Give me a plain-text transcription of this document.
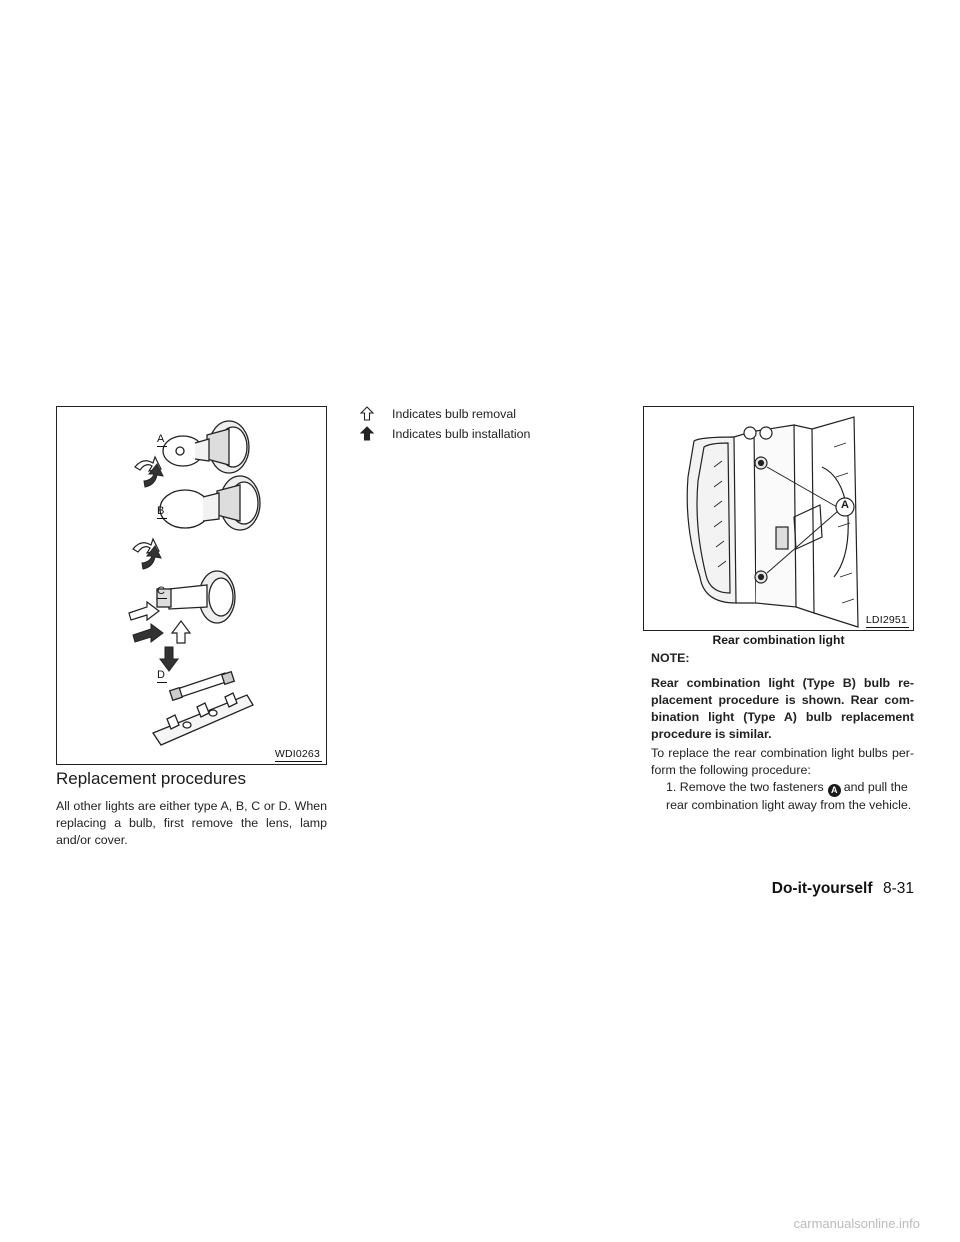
A
B
C
D
WDI0263
Replacement procedures

All other lights are either type A, B, C or D. When replacing a bulb, first remove the lens, lamp and/or cover.

Indicates bulb removal
Indicates bulb installation
A
LDI2951
Rear combination light

NOTE:

Rear combination light (Type B) bulb re- placement procedure is shown. Rear com- bination light (Type A) bulb replacement procedure is similar.

To replace the rear combination light bulbs per- form the following procedure:

1. Remove the two fasteners A and pull the rear combination light away from the vehicle.
Do-it-yourself 8-31
carmanualsonline.info
